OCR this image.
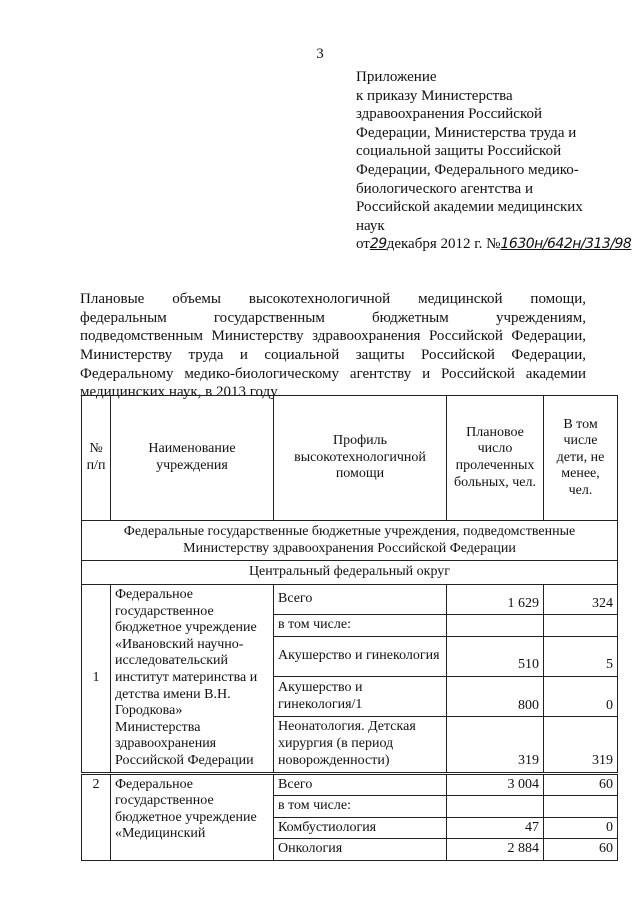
3
Приложение
к приказу Министерства
здравоохранения Российской
Федерации, Министерства труда и
социальной защиты Российской
Федерации, Федерального медико-
биологического агентства и
Российской академии медицинских
наук
от29декабря 2012 г. №1630н/642н/313/98
Плановые объемы высокотехнологичной медицинской помощи,
федеральным государственным бюджетным учреждениям,
подведомственным Министерству здравоохранения Российской Федерации,
Министерству труда и социальной защиты Российской Федерации,
Федеральному медико-биологическому агентству и Российской академии
медицинских наук, в 2013 году
№ п/п	Наименование учреждения	Профиль высокотехнологичной помощи	Плановое число пролеченных больных, чел.	В том числе дети, не менее, чел.
Федеральные государственные бюджетные учреждения, подведомственные Министерству здравоохранения Российской Федерации				
Центральный федеральный округ				
1	Федеральное государственное бюджетное учреждение «Ивановский научно-исследовательский институт материнства и детства имени В.Н. Городкова» Министерства здравоохранения Российской Федерации	Всего	1 629	324
		в том числе:		
		Акушерство и гинекология	510	5
		Акушерство и гинекология/1	800	0
		Неонатология. Детская хирургия (в период новорожденности)	319	319
2	Федеральное государственное бюджетное учреждение «Медицинский	Всего	3 004	60
		в том числе:		
		Комбустиология	47	0
		Онкология	2 884	60
